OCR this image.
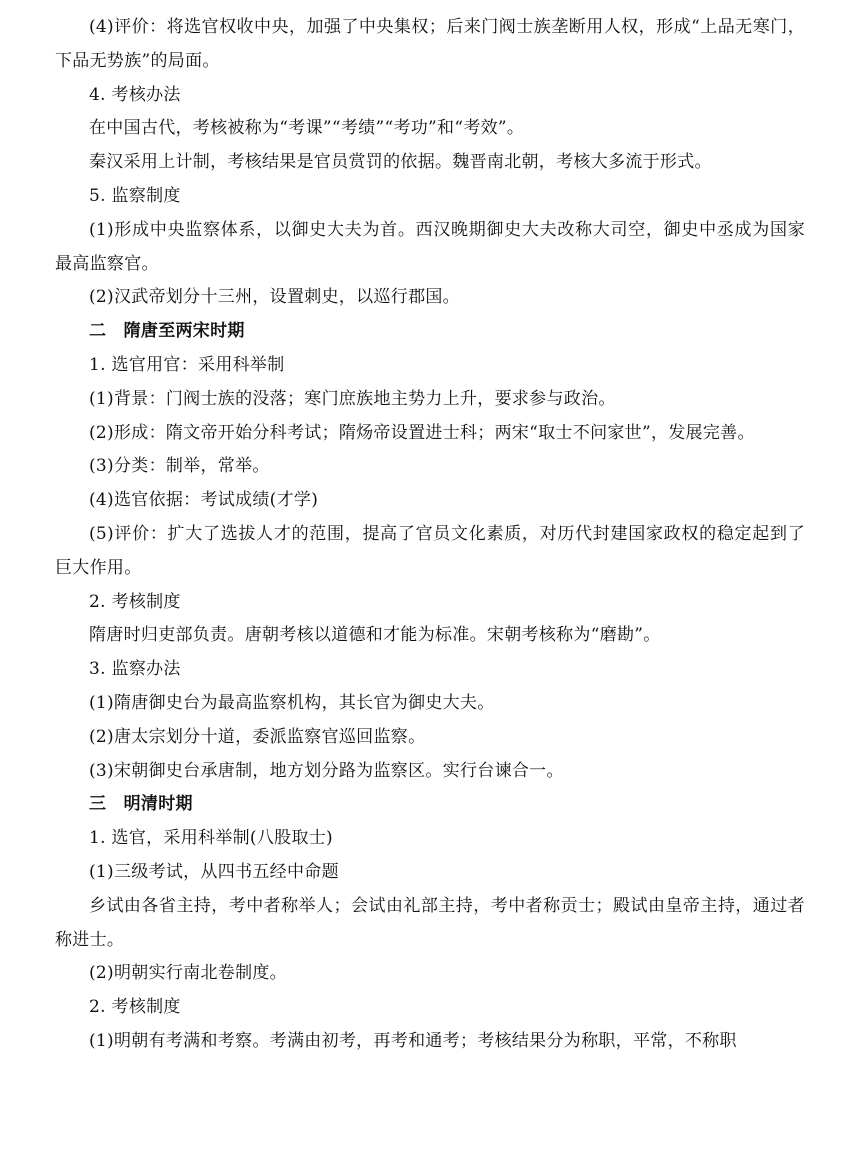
(4)评价：将选官权收中央，加强了中央集权；后来门阀士族垄断用人权，形成“上品无寒门，下品无势族”的局面。

4. 考核办法

在中国古代，考核被称为“考课”“考绩”“考功”和“考效”。

秦汉采用上计制，考核结果是官员赏罚的依据。魏晋南北朝，考核大多流于形式。

5. 监察制度

(1)形成中央监察体系，以御史大夫为首。西汉晚期御史大夫改称大司空，御史中丞成为国家最高监察官。

(2)汉武帝划分十三州，设置刺史，以巡行郡国。

二　隋唐至两宋时期

1. 选官用官：采用科举制

(1)背景：门阀士族的没落；寒门庶族地主势力上升，要求参与政治。

(2)形成：隋文帝开始分科考试；隋炀帝设置进士科；两宋“取士不问家世”，发展完善。

(3)分类：制举，常举。

(4)选官依据：考试成绩(才学)

(5)评价：扩大了选拔人才的范围，提高了官员文化素质，对历代封建国家政权的稳定起到了巨大作用。

2. 考核制度

隋唐时归吏部负责。唐朝考核以道德和才能为标准。宋朝考核称为“磨勘”。

3. 监察办法

(1)隋唐御史台为最高监察机构，其长官为御史大夫。

(2)唐太宗划分十道，委派监察官巡回监察。

(3)宋朝御史台承唐制，地方划分路为监察区。实行台谏合一。

三　明清时期

1. 选官，采用科举制(八股取士)

(1)三级考试，从四书五经中命题

乡试由各省主持，考中者称举人；会试由礼部主持，考中者称贡士；殿试由皇帝主持，通过者称进士。

(2)明朝实行南北卷制度。

2. 考核制度

(1)明朝有考满和考察。考满由初考，再考和通考；考核结果分为称职，平常，不称职
